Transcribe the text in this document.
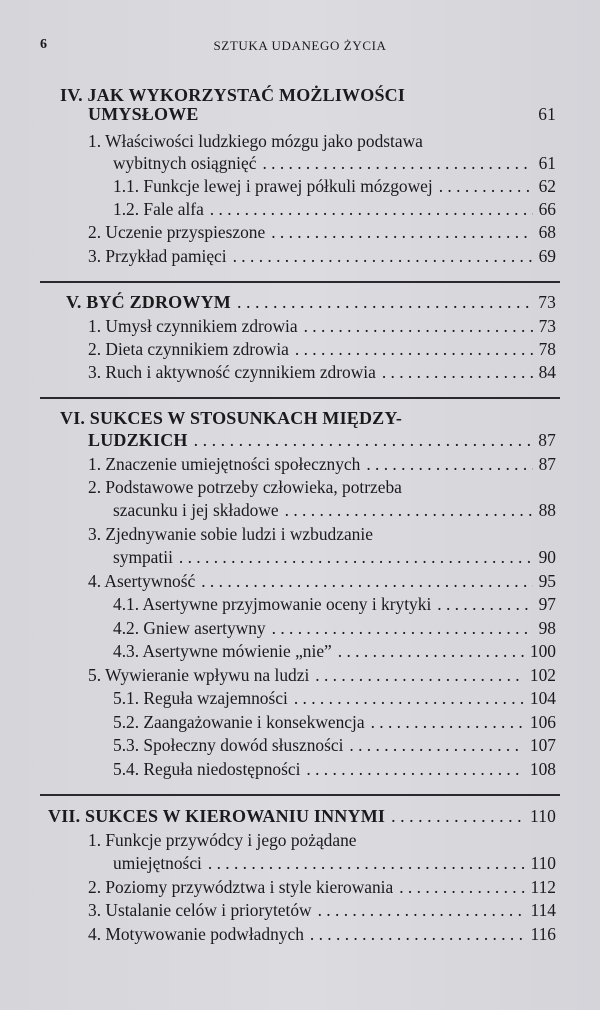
6	SZTUKA UDANEGO ŻYCIA
IV. JAK WYKORZYSTAĆ MOŻLIWOŚCI
UMYSŁOWE	61
1. Właściwości ludzkiego mózgu jako podstawa
wybitnych osiągnięć . . .	61
1.1. Funkcje lewej i prawej półkuli mózgowej . . .	62
1.2. Fale alfa . . .	66
2. Uczenie przyspieszone . . .	68
3. Przykład pamięci . . .	69
V. BYĆ ZDROWYM . . .	73
1. Umysł czynnikiem zdrowia . . .	73
2. Dieta czynnikiem zdrowia . . .	78
3. Ruch i aktywność czynnikiem zdrowia . . .	84
VI. SUKCES W STOSUNKACH MIĘDZY-
LUDZKICH . . .	87
1. Znaczenie umiejętności społecznych . . .	87
2. Podstawowe potrzeby człowieka, potrzeba
szacunku i jej składowe . . .	88
3. Zjednywanie sobie ludzi i wzbudzanie
sympatii . . .	90
4. Asertywność . . .	95
4.1. Asertywne przyjmowanie oceny i krytyki . . .	97
4.2. Gniew asertywny . . .	98
4.3. Asertywne mówienie „nie” . . .	100
5. Wywieranie wpływu na ludzi . . .	102
5.1. Reguła wzajemności . . .	104
5.2. Zaangażowanie i konsekwencja . . .	106
5.3. Społeczny dowód słuszności . . .	107
5.4. Reguła niedostępności . . .	108
VII. SUKCES W KIEROWANIU INNYMI . . .	110
1. Funkcje przywódcy i jego pożądane
umiejętności . . .	110
2. Poziomy przywództwa i style kierowania . . .	112
3. Ustalanie celów i priorytetów . . .	114
4. Motywowanie podwładnych . . .	116
